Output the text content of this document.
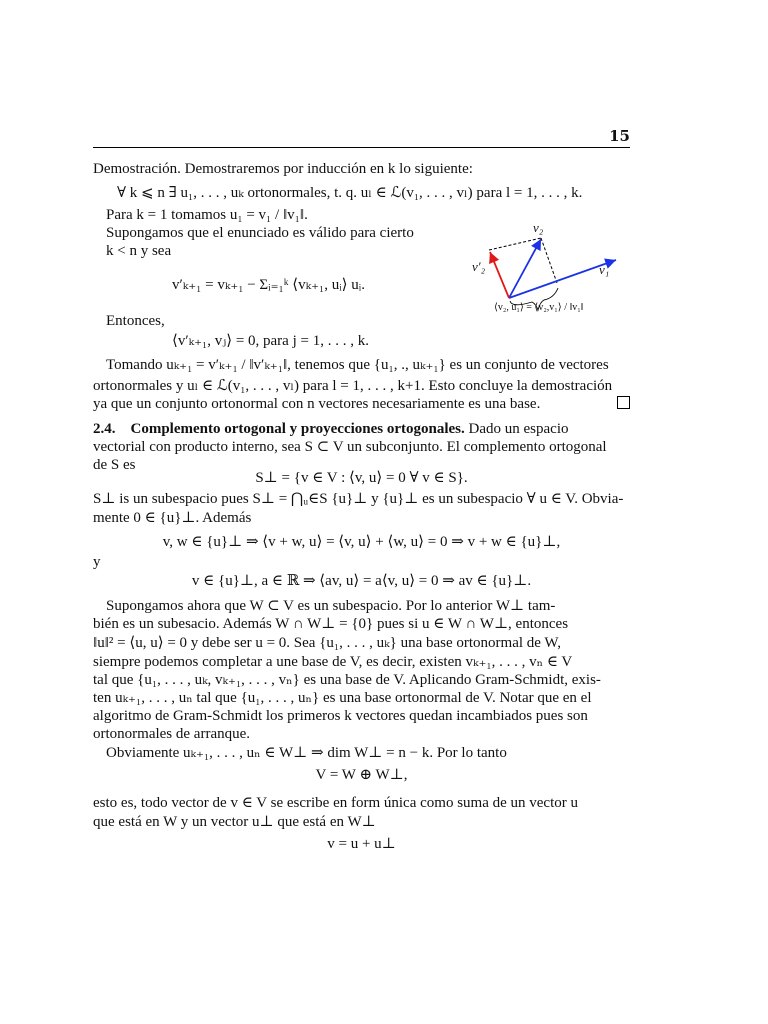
15
Demostración. Demostraremos por inducción en k lo siguiente:
∀ k ⩽ n ∃ u₁, . . . , uₖ ortonormales, t. q. uₗ ∈ ℒ(v₁, . . . , vₗ) para l = 1, . . . , k.
Para k = 1 tomamos u₁ = v₁ / ‖v₁‖.
Supongamos que el enunciado es válido para cierto
k < n y sea
v′ₖ₊₁ = vₖ₊₁ − Σᵢ₌₁ᵏ ⟨vₖ₊₁, uᵢ⟩ uᵢ.
Entonces,
⟨v′ₖ₊₁, vⱼ⟩ = 0, para j = 1, . . . , k.
Tomando uₖ₊₁ = v′ₖ₊₁ / ‖v′ₖ₊₁‖, tenemos que {u₁, ., uₖ₊₁} es un conjunto de vectores
ortonormales y uₗ ∈ ℒ(v₁, . . . , vₗ) para l = 1, . . . , k+1. Esto concluye la demostración
ya que un conjunto ortonormal con n vectores necesariamente es una base.
v₂
v′₂	v₁
⟨v₂, u₁⟩ = ⟨v₂,v₁⟩ / ‖v₁‖
2.4. Complemento ortogonal y proyecciones ortogonales. Dado un espacio
vectorial con producto interno, sea S ⊂ V un subconjunto. El complemento ortogonal
de S es
S⊥ = {v ∈ V : ⟨v, u⟩ = 0 ∀ v ∈ S}.
S⊥ is un subespacio pues S⊥ = ⋂ᵤ∈S {u}⊥ y {u}⊥ es un subespacio ∀ u ∈ V. Obvia-
mente 0 ∈ {u}⊥. Además
v, w ∈ {u}⊥ ⇒ ⟨v + w, u⟩ = ⟨v, u⟩ + ⟨w, u⟩ = 0 ⇒ v + w ∈ {u}⊥,
y
v ∈ {u}⊥, a ∈ ℝ ⇒ ⟨av, u⟩ = a⟨v, u⟩ = 0 ⇒ av ∈ {u}⊥.
Supongamos ahora que W ⊂ V es un subespacio. Por lo anterior W⊥ tam-
bién es un subesacio. Además W ∩ W⊥ = {0} pues si u ∈ W ∩ W⊥, entonces
‖u‖² = ⟨u, u⟩ = 0 y debe ser u = 0. Sea {u₁, . . . , uₖ} una base ortonormal de W,
siempre podemos completar a une base de V, es decir, existen vₖ₊₁, . . . , vₙ ∈ V
tal que {u₁, . . . , uₖ, vₖ₊₁, . . . , vₙ} es una base de V. Aplicando Gram-Schmidt, exis-
ten uₖ₊₁, . . . , uₙ tal que {u₁, . . . , uₙ} es una base ortonormal de V. Notar que en el
algoritmo de Gram-Schmidt los primeros k vectores quedan incambiados pues son
ortonormales de arranque.
Obviamente uₖ₊₁, . . . , uₙ ∈ W⊥ ⇒ dim W⊥ = n − k. Por lo tanto
V = W ⊕ W⊥,
esto es, todo vector de v ∈ V se escribe en form única como suma de un vector u
que está en W y un vector u⊥ que está en W⊥
v = u + u⊥
